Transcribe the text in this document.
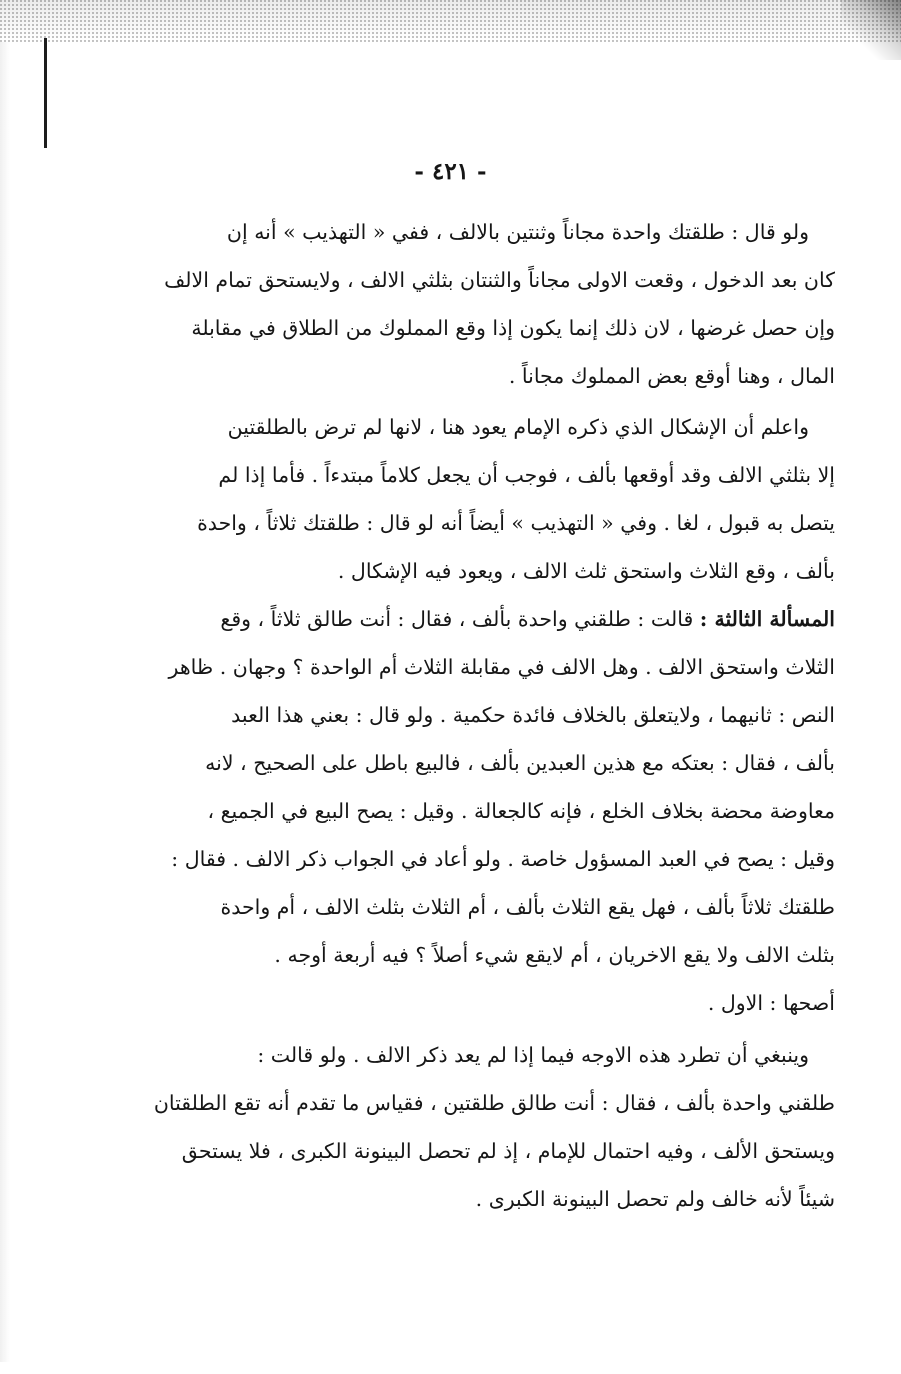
- ٤٢١ -
ولو قال : طلقتك واحدة مجاناً وثنتين بالالف ، ففي « التهذيب » أنه إن
كان بعد الدخول ، وقعت الاولى مجاناً والثنتان بثلثي الالف ، ولايستحق تمام الالف
وإن حصل غرضها ، لان ذلك إنما يكون إذا وقع المملوك من الطلاق في مقابلة
المال ، وهنا أوقع بعض المملوك مجاناً .
واعلم أن الإشكال الذي ذكره الإمام يعود هنا ، لانها لم ترض بالطلقتين
إلا بثلثي الالف وقد أوقعها بألف ، فوجب أن يجعل كلاماً مبتدءاً . فأما إذا لم
يتصل به قبول ، لغا . وفي « التهذيب » أيضاً أنه لو قال : طلقتك ثلاثاً ، واحدة
بألف ، وقع الثلاث واستحق ثلث الالف ، ويعود فيه الإشكال .
المسألة الثالثة : قالت : طلقني واحدة بألف ، فقال : أنت طالق ثلاثاً ، وقع
الثلاث واستحق الالف . وهل الالف في مقابلة الثلاث أم الواحدة ؟ وجهان . ظاهر
النص : ثانيهما ، ولايتعلق بالخلاف فائدة حكمية . ولو قال : بعني هذا العبد
بألف ، فقال : بعتكه مع هذين العبدين بألف ، فالبيع باطل على الصحيح ، لانه
معاوضة محضة بخلاف الخلع ، فإنه كالجعالة . وقيل : يصح البيع في الجميع ،
وقيل : يصح في العبد المسؤول خاصة . ولو أعاد في الجواب ذكر الالف . فقال :
طلقتك ثلاثاً بألف ، فهل يقع الثلاث بألف ، أم الثلاث بثلث الالف ، أم واحدة
بثلث الالف ولا يقع الاخريان ، أم لايقع شيء أصلاً ؟ فيه أربعة أوجه .
أصحها : الاول .
وينبغي أن تطرد هذه الاوجه فيما إذا لم يعد ذكر الالف . ولو قالت :
طلقني واحدة بألف ، فقال : أنت طالق طلقتين ، فقياس ما تقدم أنه تقع الطلقتان
ويستحق الألف ، وفيه احتمال للإمام ، إذ لم تحصل البينونة الكبرى ، فلا يستحق
شيئاً لأنه خالف ولم تحصل البينونة الكبرى .
